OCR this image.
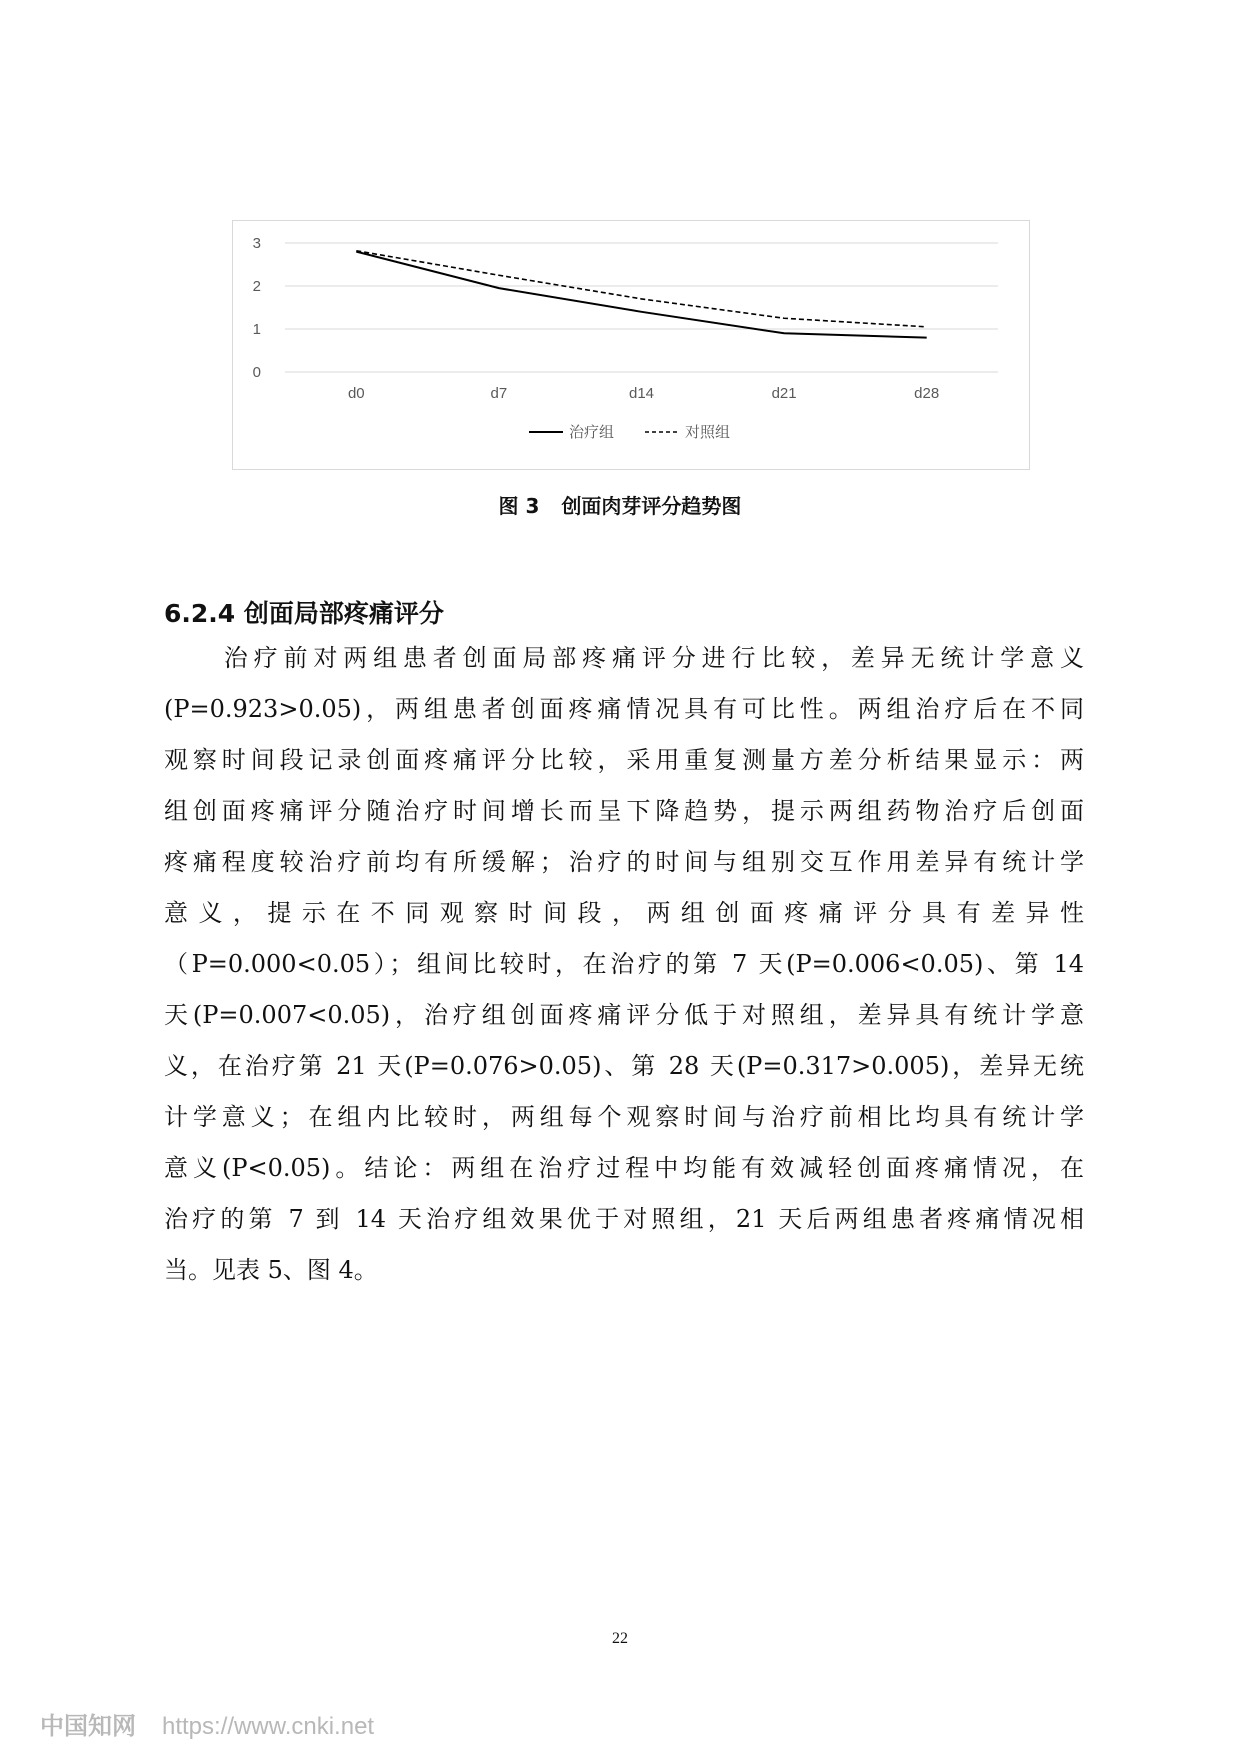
0
1
2
3
d0	d7	d14	d21	d28
治疗组	对照组
图 3 创面肉芽评分趋势图
6.2.4 创面局部疼痛评分
　　治疗前对两组患者创面局部疼痛评分进行比较，差异无统计学意义
(P=0.923>0.05)，两组患者创面疼痛情况具有可比性。两组治疗后在不同
观察时间段记录创面疼痛评分比较，采用重复测量方差分析结果显示：两
组创面疼痛评分随治疗时间增长而呈下降趋势，提示两组药物治疗后创面
疼痛程度较治疗前均有所缓解；治疗的时间与组别交互作用差异有统计学
意义，提示在不同观察时间段，两组创面疼痛评分具有差异性
（P=0.000<0.05）；组间比较时，在治疗的第 7 天(P=0.006<0.05)、第 14
天(P=0.007<0.05)，治疗组创面疼痛评分低于对照组，差异具有统计学意
义，在治疗第 21 天(P=0.076>0.05)、第 28 天(P=0.317>0.005)，差异无统
计学意义；在组内比较时，两组每个观察时间与治疗前相比均具有统计学
意义(P<0.05)。结论：两组在治疗过程中均能有效减轻创面疼痛情况，在
治疗的第 7 到 14 天治疗组效果优于对照组，21 天后两组患者疼痛情况相
当。见表 5、图 4。
22
中国知网 https://www.cnki.net
